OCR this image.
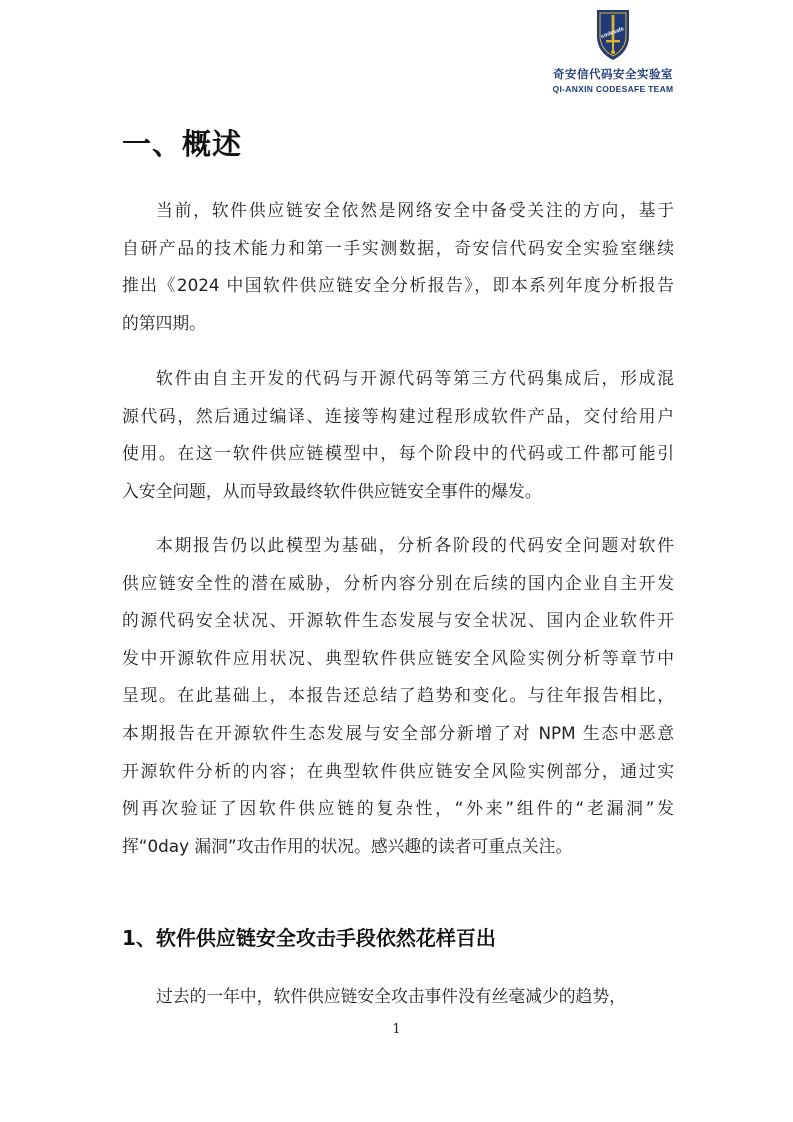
codesafe
奇安信代码安全实验室
QI-ANXIN CODESAFE TEAM
一、概述
当前，软件供应链安全依然是网络安全中备受关注的方向，基于
自研产品的技术能力和第一手实测数据，奇安信代码安全实验室继续
推出《2024 中国软件供应链安全分析报告》，即本系列年度分析报告
的第四期。
软件由自主开发的代码与开源代码等第三方代码集成后，形成混
源代码，然后通过编译、连接等构建过程形成软件产品，交付给用户
使用。在这一软件供应链模型中，每个阶段中的代码或工件都可能引
入安全问题，从而导致最终软件供应链安全事件的爆发。
本期报告仍以此模型为基础，分析各阶段的代码安全问题对软件
供应链安全性的潜在威胁，分析内容分别在后续的国内企业自主开发
的源代码安全状况、开源软件生态发展与安全状况、国内企业软件开
发中开源软件应用状况、典型软件供应链安全风险实例分析等章节中
呈现。在此基础上，本报告还总结了趋势和变化。与往年报告相比，
本期报告在开源软件生态发展与安全部分新增了对 NPM 生态中恶意
开源软件分析的内容；在典型软件供应链安全风险实例部分，通过实
例再次验证了因软件供应链的复杂性，“外来”组件的“老漏洞”发
挥“0day 漏洞”攻击作用的状况。感兴趣的读者可重点关注。
1、软件供应链安全攻击手段依然花样百出
过去的一年中，软件供应链安全攻击事件没有丝毫减少的趋势，
1
